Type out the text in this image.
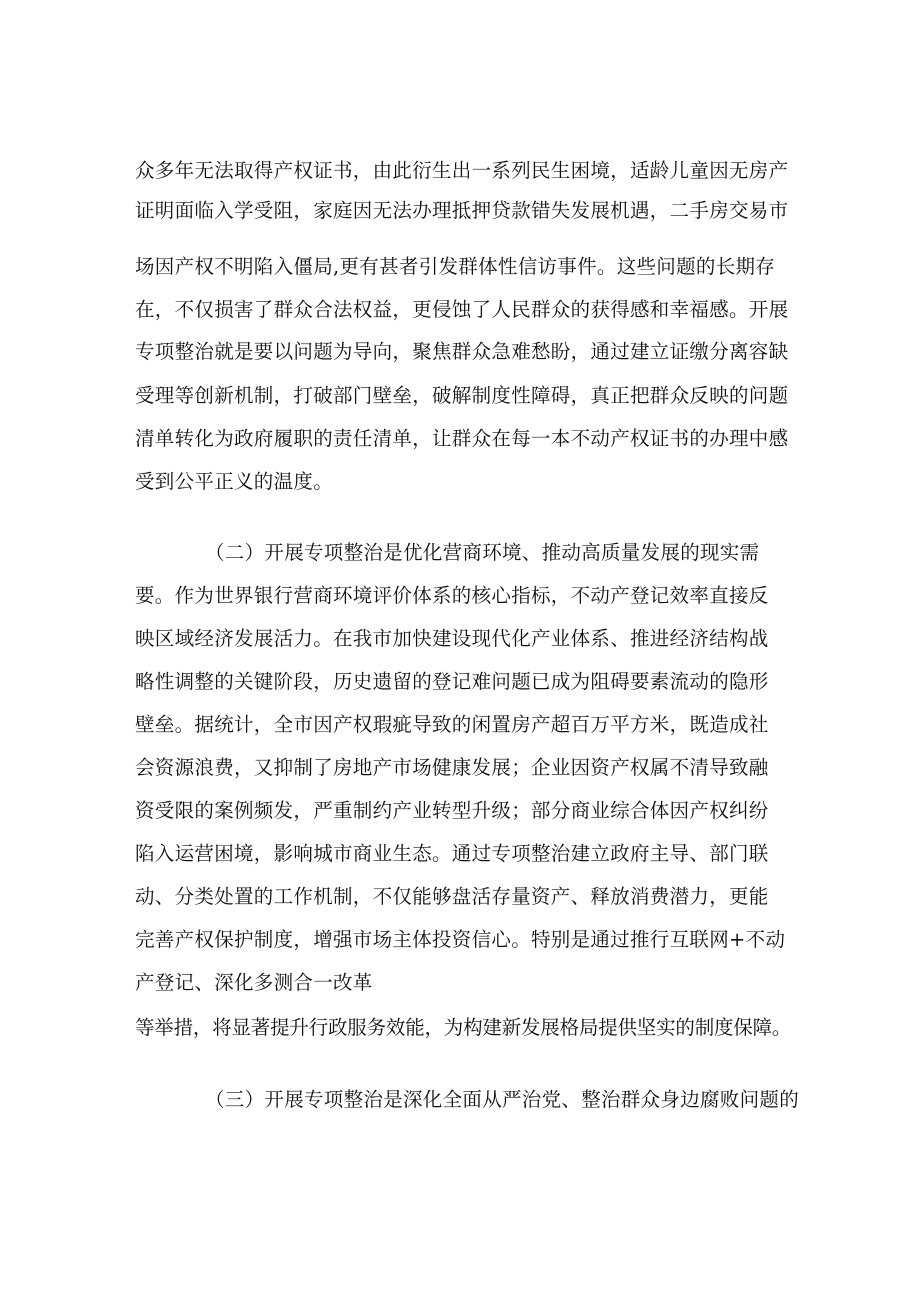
众多年无法取得产权证书，由此衍生出一系列民生困境，适龄儿童因无房产
证明面临入学受阻，家庭因无法办理抵押贷款错失发展机遇，二手房交易市
场因产权不明陷入僵局,更有甚者引发群体性信访事件。这些问题的长期存
在，不仅损害了群众合法权益，更侵蚀了人民群众的获得感和幸福感。开展
专项整治就是要以问题为导向，聚焦群众急难愁盼，通过建立证缴分离容缺
受理等创新机制，打破部门壁垒，破解制度性障碍，真正把群众反映的问题
清单转化为政府履职的责任清单，让群众在每一本不动产权证书的办理中感
受到公平正义的温度。
（二）开展专项整治是优化营商环境、推动高质量发展的现实需
要。作为世界银行营商环境评价体系的核心指标，不动产登记效率直接反
映区域经济发展活力。在我市加快建设现代化产业体系、推进经济结构战
略性调整的关键阶段，历史遗留的登记难问题已成为阻碍要素流动的隐形
壁垒。据统计，全市因产权瑕疵导致的闲置房产超百万平方米，既造成社
会资源浪费，又抑制了房地产市场健康发展；企业因资产权属不清导致融
资受限的案例频发，严重制约产业转型升级；部分商业综合体因产权纠纷
陷入运营困境，影响城市商业生态。通过专项整治建立政府主导、部门联
动、分类处置的工作机制，不仅能够盘活存量资产、释放消费潜力，更能
完善产权保护制度，增强市场主体投资信心。特别是通过推行互联网+不动
产登记、深化多测合一改革
等举措，将显著提升行政服务效能，为构建新发展格局提供坚实的制度保障。
（三）开展专项整治是深化全面从严治党、整治群众身边腐败问题的
